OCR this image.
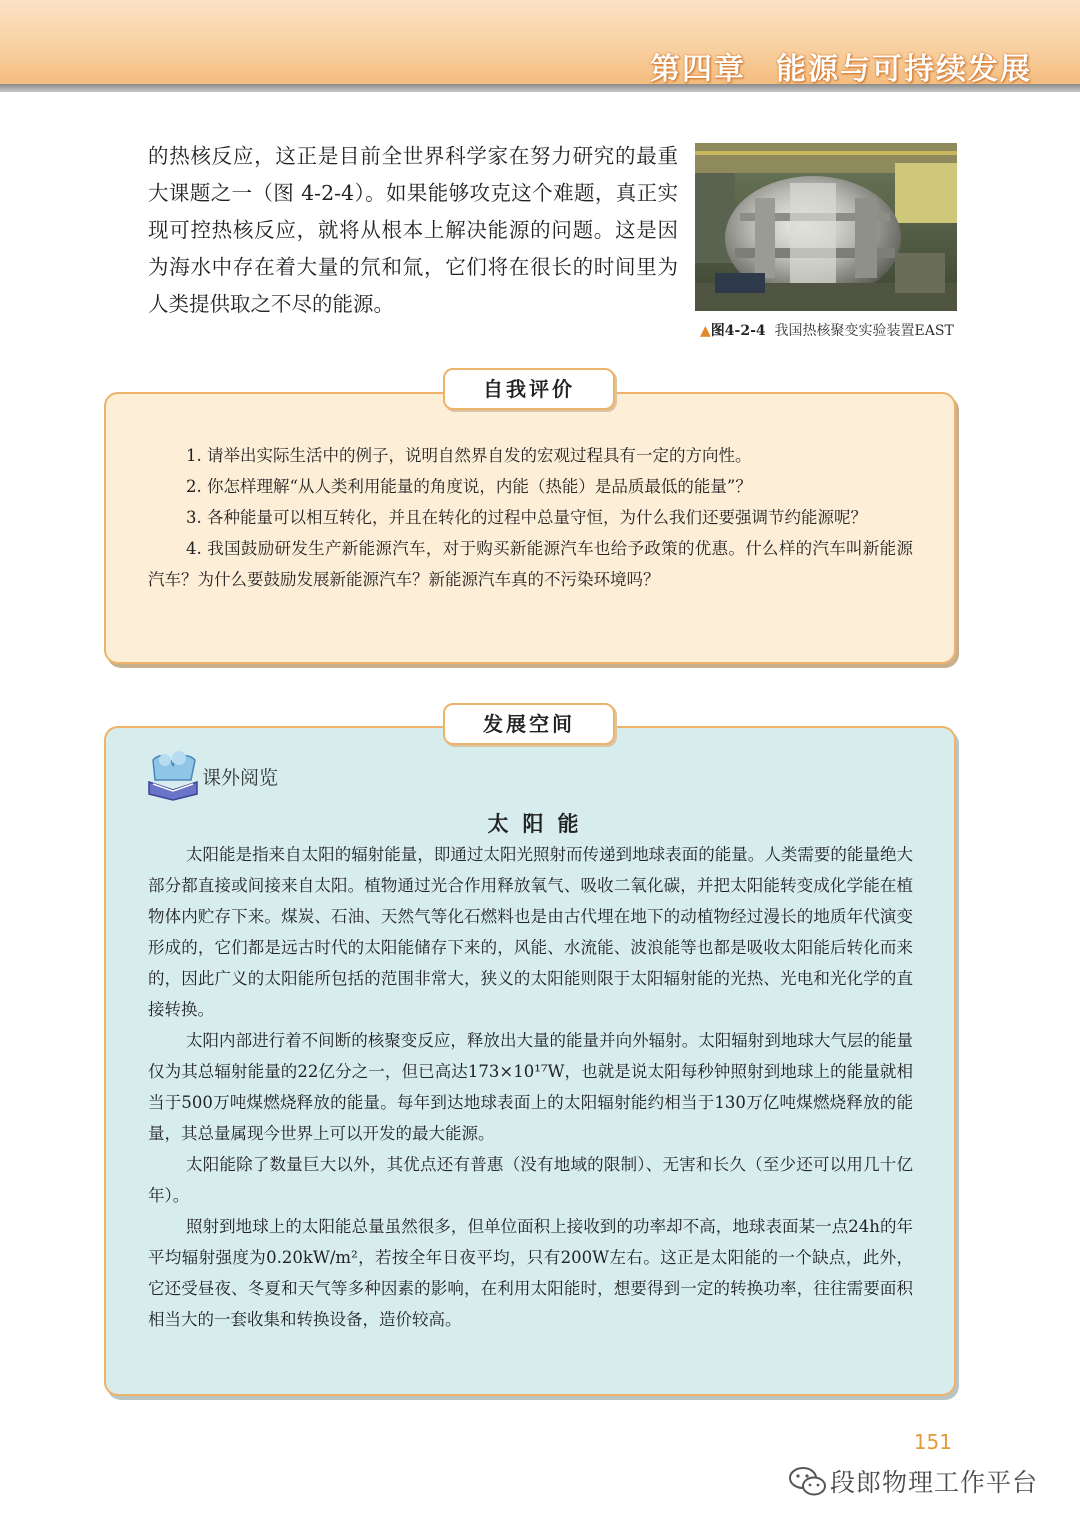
第四章 能源与可持续发展

的热核反应，这正是目前全世界科学家在努力研究的最重大课题之一（图 4-2-4）。如果能够攻克这个难题，真正实现可控热核反应，就将从根本上解决能源的问题。这是因为海水中存在着大量的氘和氚，它们将在很长的时间里为人类提供取之不尽的能源。

▲图4-2-4 我国热核聚变实验装置EAST
自我评价

1. 请举出实际生活中的例子，说明自然界自发的宏观过程具有一定的方向性。

2. 你怎样理解“从人类利用能量的角度说，内能（热能）是品质最低的能量”？

3. 各种能量可以相互转化，并且在转化的过程中总量守恒，为什么我们还要强调节约能源呢？

4. 我国鼓励研发生产新能源汽车，对于购买新能源汽车也给予政策的优惠。什么样的汽车叫新能源汽车？为什么要鼓励发展新能源汽车？新能源汽车真的不污染环境吗？

发展空间
课外阅览
太阳能

太阳能是指来自太阳的辐射能量，即通过太阳光照射而传递到地球表面的能量。人类需要的能量绝大部分都直接或间接来自太阳。植物通过光合作用释放氧气、吸收二氧化碳，并把太阳能转变成化学能在植物体内贮存下来。煤炭、石油、天然气等化石燃料也是由古代埋在地下的动植物经过漫长的地质年代演变形成的，它们都是远古时代的太阳能储存下来的，风能、水流能、波浪能等也都是吸收太阳能后转化而来的，因此广义的太阳能所包括的范围非常大，狭义的太阳能则限于太阳辐射能的光热、光电和光化学的直接转换。

太阳内部进行着不间断的核聚变反应，释放出大量的能量并向外辐射。太阳辐射到地球大气层的能量仅为其总辐射能量的22亿分之一，但已高达173×10¹⁷W，也就是说太阳每秒钟照射到地球上的能量就相当于500万吨煤燃烧释放的能量。每年到达地球表面上的太阳辐射能约相当于130万亿吨煤燃烧释放的能量，其总量属现今世界上可以开发的最大能源。

太阳能除了数量巨大以外，其优点还有普惠（没有地域的限制）、无害和长久（至少还可以用几十亿年）。

照射到地球上的太阳能总量虽然很多，但单位面积上接收到的功率却不高，地球表面某一点24h的年平均辐射强度为0.20kW/m²，若按全年日夜平均，只有200W左右。这正是太阳能的一个缺点，此外，它还受昼夜、冬夏和天气等多种因素的影响，在利用太阳能时，想要得到一定的转换功率，往往需要面积相当大的一套收集和转换设备，造价较高。

151
段郎物理工作平台
